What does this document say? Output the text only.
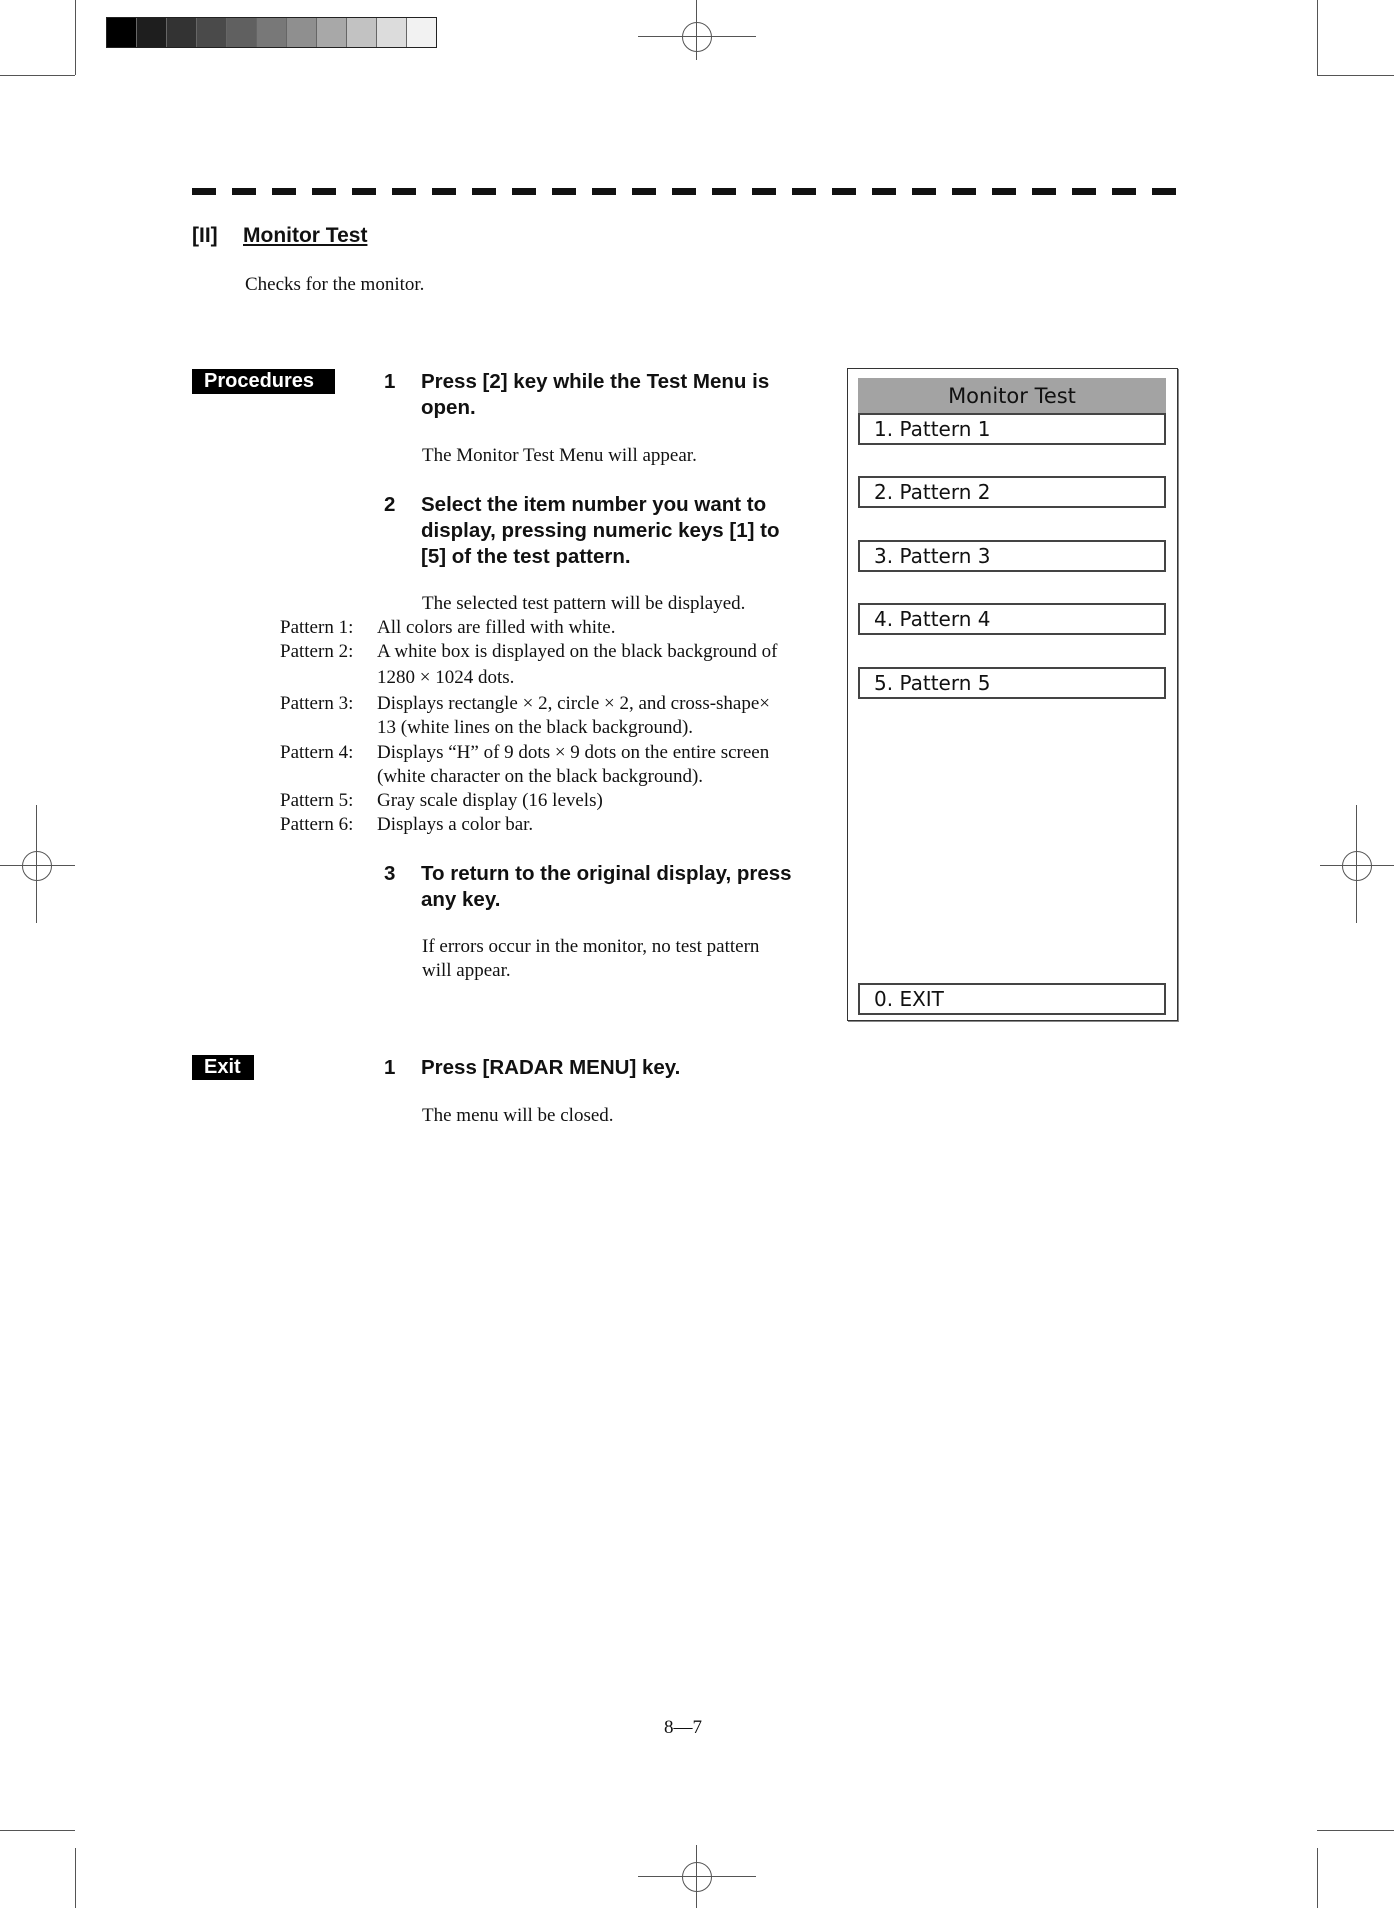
[II] Monitor Test
Checks for the monitor.
Procedures	1 Press [2] key while the Test Menu is
open.
The Monitor Test Menu will appear.
2 Select the item number you want to
display, pressing numeric keys [1] to
[5] of the test pattern.
The selected test pattern will be displayed.
Pattern 1:	All colors are filled with white.
Pattern 2:	A white box is displayed on the black background of
1280 × 1024 dots.
Pattern 3:	Displays rectangle × 2, circle × 2, and cross-shape×
13 (white lines on the black background).
Pattern 4:	Displays “H” of 9 dots × 9 dots on the entire screen
(white character on the black background).
Pattern 5:	Gray scale display (16 levels)
Pattern 6:	Displays a color bar.
3 To return to the original display, press
any key.
If errors occur in the monitor, no test pattern
will appear.
Exit	1 Press [RADAR MENU] key.
The menu will be closed.
Monitor Test
1. Pattern 1
2. Pattern 2
3. Pattern 3
4. Pattern 4
5. Pattern 5
0. EXIT
8—7
